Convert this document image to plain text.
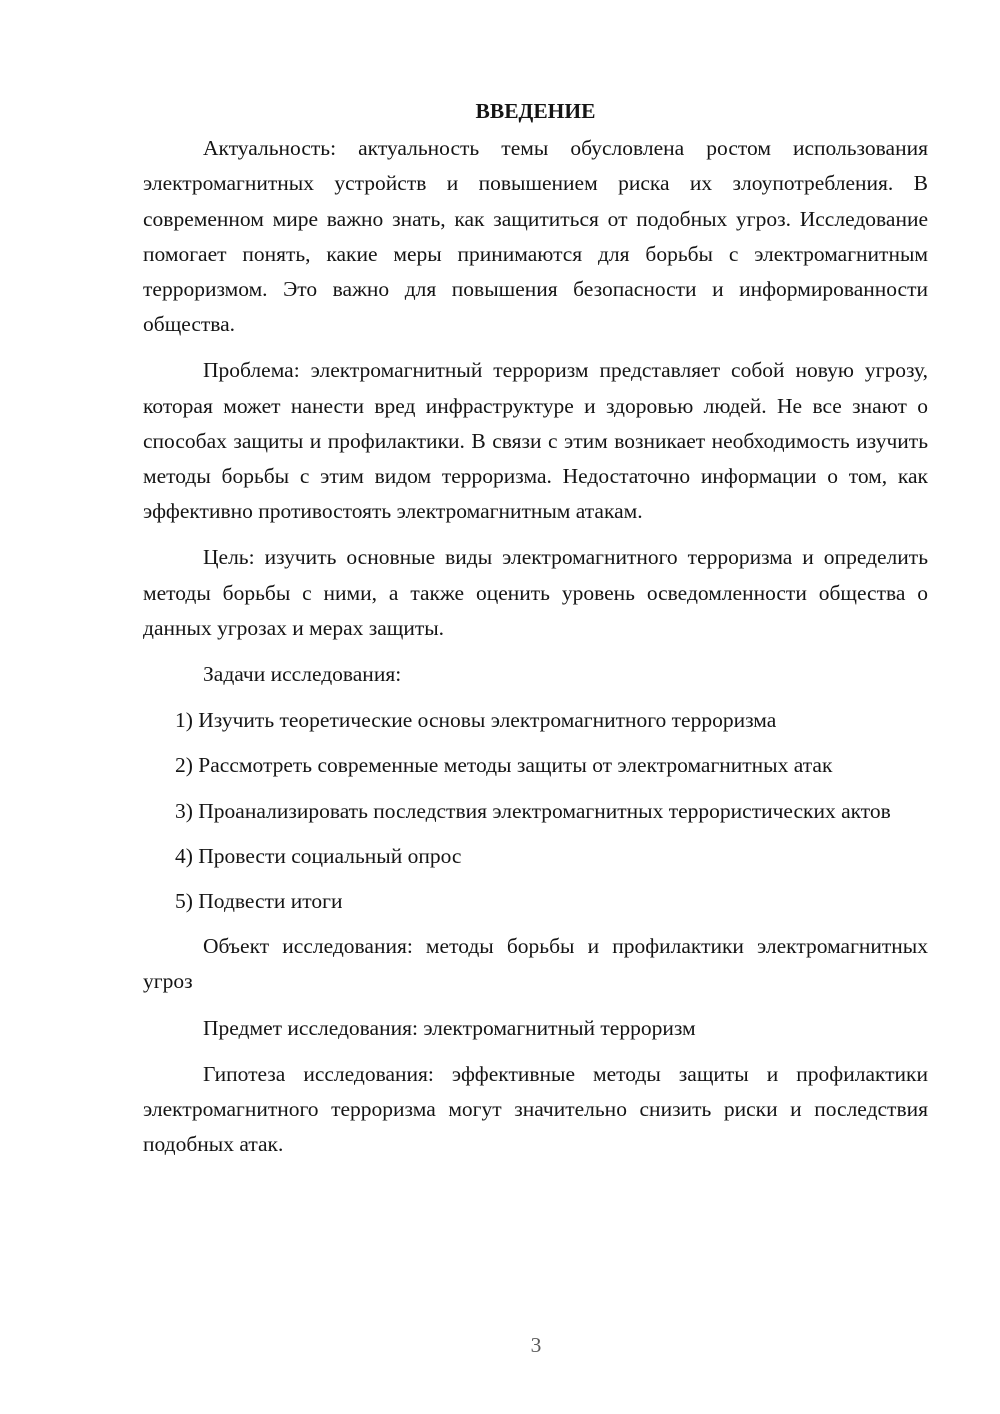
ВВЕДЕНИЕ

Актуальность: актуальность темы обусловлена ростом использования электромагнитных устройств и повышением риска их злоупотребления. В современном мире важно знать, как защититься от подобных угроз. Исследование помогает понять, какие меры принимаются для борьбы с электромагнитным терроризмом. Это важно для повышения безопасности и информированности общества.

Проблема: электромагнитный терроризм представляет собой новую угрозу, которая может нанести вред инфраструктуре и здоровью людей. Не все знают о способах защиты и профилактики. В связи с этим возникает необходимость изучить методы борьбы с этим видом терроризма. Недостаточно информации о том, как эффективно противостоять электромагнитным атакам.

Цель: изучить основные виды электромагнитного терроризма и определить методы борьбы с ними, а также оценить уровень осведомленности общества о данных угрозах и мерах защиты.

Задачи исследования:

1) Изучить теоретические основы электромагнитного терроризма

2) Рассмотреть современные методы защиты от электромагнитных атак

3) Проанализировать последствия электромагнитных террористических актов

4) Провести социальный опрос

5) Подвести итоги

Объект исследования: методы борьбы и профилактики электромагнитных угроз

Предмет исследования: электромагнитный терроризм

Гипотеза исследования: эффективные методы защиты и профилактики электромагнитного терроризма могут значительно снизить риски и последствия подобных атак.

3
